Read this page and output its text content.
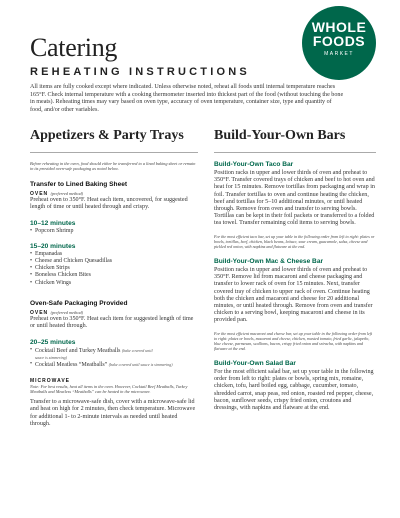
WHOLE
FOODS
MARKET
Catering
REHEATING INSTRUCTIONS

All items are fully cooked except where indicated. Unless otherwise noted, reheat all foods until internal temperature reaches 165°F. Check internal temperature with a cooking thermometer inserted into thickest part of the food (without touching the bone in meats). Reheating times may vary based on oven type, accuracy of oven temperature, container size, type and quantity of food, and/or other variables.

Appetizers & Party Trays

Before reheating in the oven, food should either be transferred to a lined baking sheet or remain in its provided oven-safe packaging as noted below.

Transfer to Lined Baking Sheet
OVEN (preferred method)

Preheat oven to 350°F. Heat each item, uncovered, for suggested length of time or until heated through and crispy.

10–12 minutes
• Popcorn Shrimp
15–20 minutes
• Empanadas
• Cheese and Chicken Quesadillas
• Chicken Strips
• Boneless Chicken Bites
• Chicken Wings
Oven-Safe Packaging Provided
OVEN (preferred method)

Preheat oven to 350°F. Heat each item for suggested length of time or until heated through.

20–25 minutes
• Cocktail Beef and Turkey Meatballs (bake covered until
sauce is simmering)
• Cocktail Meatless “Meatballs” (bake covered until sauce is simmering)
MICROWAVE

Note: For best results, heat all items in the oven. However, Cocktail Beef Meatballs, Turkey Meatballs and Meatless “Meatballs” can be heated in the microwave.

Transfer to a microwave-safe dish, cover with a microwave-safe lid and heat on high for 2 minutes, then check temperature. Microwave for additional 1- to 2-minute intervals as needed until heated through.

Build-Your-Own Bars
Build-Your-Own Taco Bar

Position racks in upper and lower thirds of oven and preheat to 350°F. Transfer covered trays of chicken and beef to hot oven and heat for 15 minutes. Remove tortillas from packaging and wrap in foil. Transfer tortillas to oven and continue heating the chicken, beef and tortillas for 5–10 additional minutes, or until heated through. Remove from oven and transfer to serving bowls. Tortillas can be kept in their foil packets or transferred to a folded tea towel. Transfer remaining cold items to serving bowls.

For the most efficient taco bar, set up your table in the following order from left to right: plates or bowls, tortillas, beef, chicken, black beans, lettuce, sour cream, guacamole, salsa, cheese and pickled red onion, with napkins and flatware at the end.

Build-Your-Own Mac & Cheese Bar

Position racks in upper and lower thirds of oven and preheat to 350°F. Remove lid from macaroni and cheese packaging and transfer to lower rack of oven for 15 minutes. Next, transfer covered tray of chicken to upper rack of oven. Continue heating both the chicken and macaroni and cheese for 20 additional minutes, or until heated through. Remove from oven and transfer chicken to a serving bowl, keeping macaroni and cheese in its provided pan.

For the most efficient macaroni and cheese bar, set up your table in the following order from left to right: plates or bowls, macaroni and cheese, chicken, roasted tomato, fried garlic, jalapeño, blue cheese, parmesan, scallions, bacon, crispy fried onion and sriracha, with napkins and flatware at the end.

Build-Your-Own Salad Bar

For the most efficient salad bar, set up your table in the following order from left to right: plates or bowls, spring mix, romaine, chicken, tofu, hard boiled egg, cabbage, cucumber, tomato, shredded carrot, snap peas, red onion, roasted red pepper, cheese, bacon, sunflower seeds, crispy fried onion, croutons and dressings, with napkins and flatware at the end.
